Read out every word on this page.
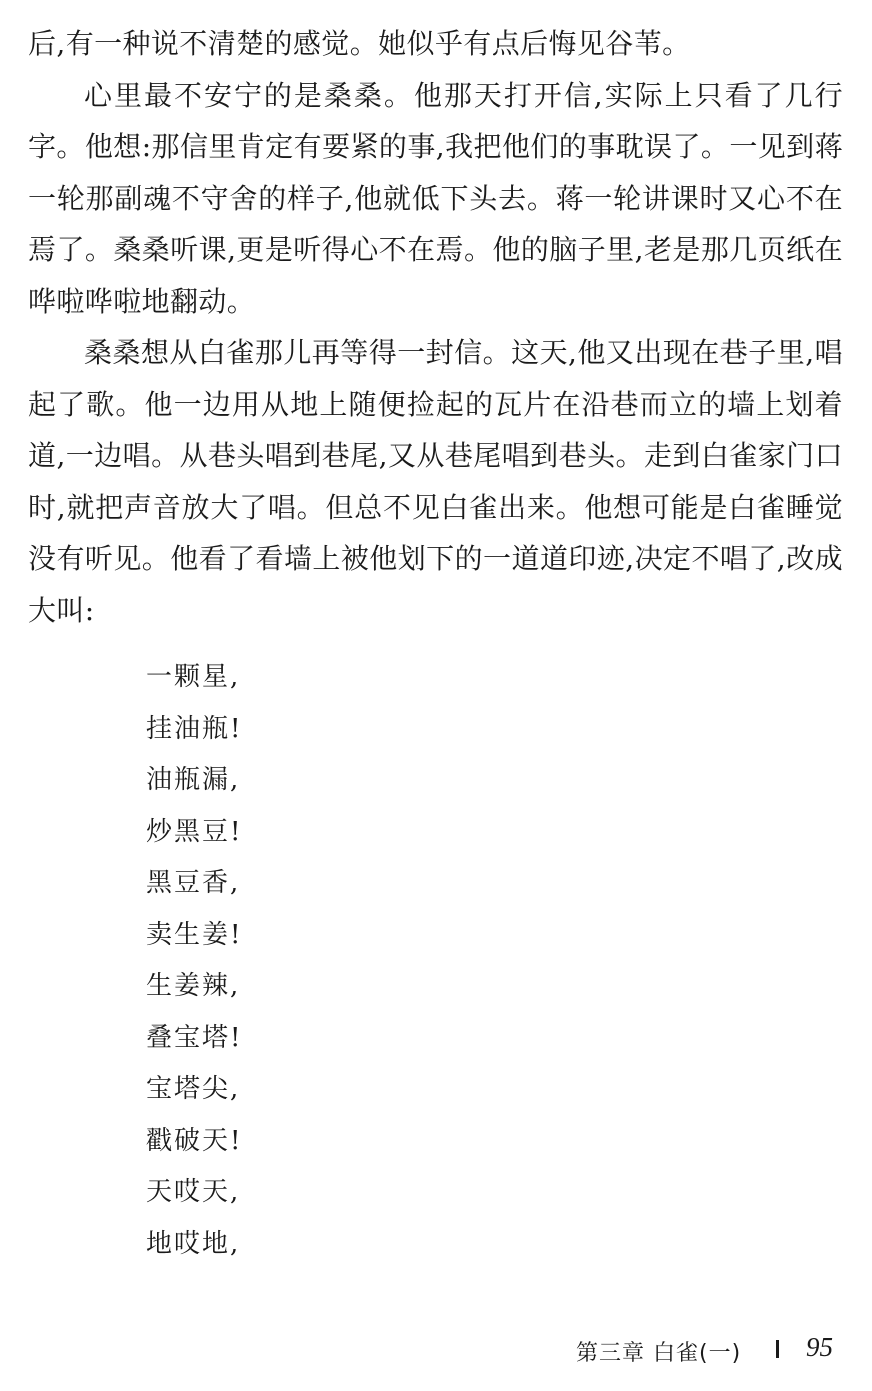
后,有一种说不清楚的感觉。她似乎有点后悔见谷苇。

心里最不安宁的是桑桑。他那天打开信,实际上只看了几行字。他想:那信里肯定有要紧的事,我把他们的事耽误了。一见到蒋一轮那副魂不守舍的样子,他就低下头去。蒋一轮讲课时又心不在焉了。桑桑听课,更是听得心不在焉。他的脑子里,老是那几页纸在哗啦哗啦地翻动。

桑桑想从白雀那儿再等得一封信。这天,他又出现在巷子里,唱起了歌。他一边用从地上随便捡起的瓦片在沿巷而立的墙上划着道,一边唱。从巷头唱到巷尾,又从巷尾唱到巷头。走到白雀家门口时,就把声音放大了唱。但总不见白雀出来。他想可能是白雀睡觉没有听见。他看了看墙上被他划下的一道道印迹,决定不唱了,改成大叫:

一颗星,

挂油瓶!

油瓶漏,

炒黑豆!

黑豆香,

卖生姜!

生姜辣,

叠宝塔!

宝塔尖,

戳破天!

天哎天,

地哎地,

第三章 白雀(一) 95
